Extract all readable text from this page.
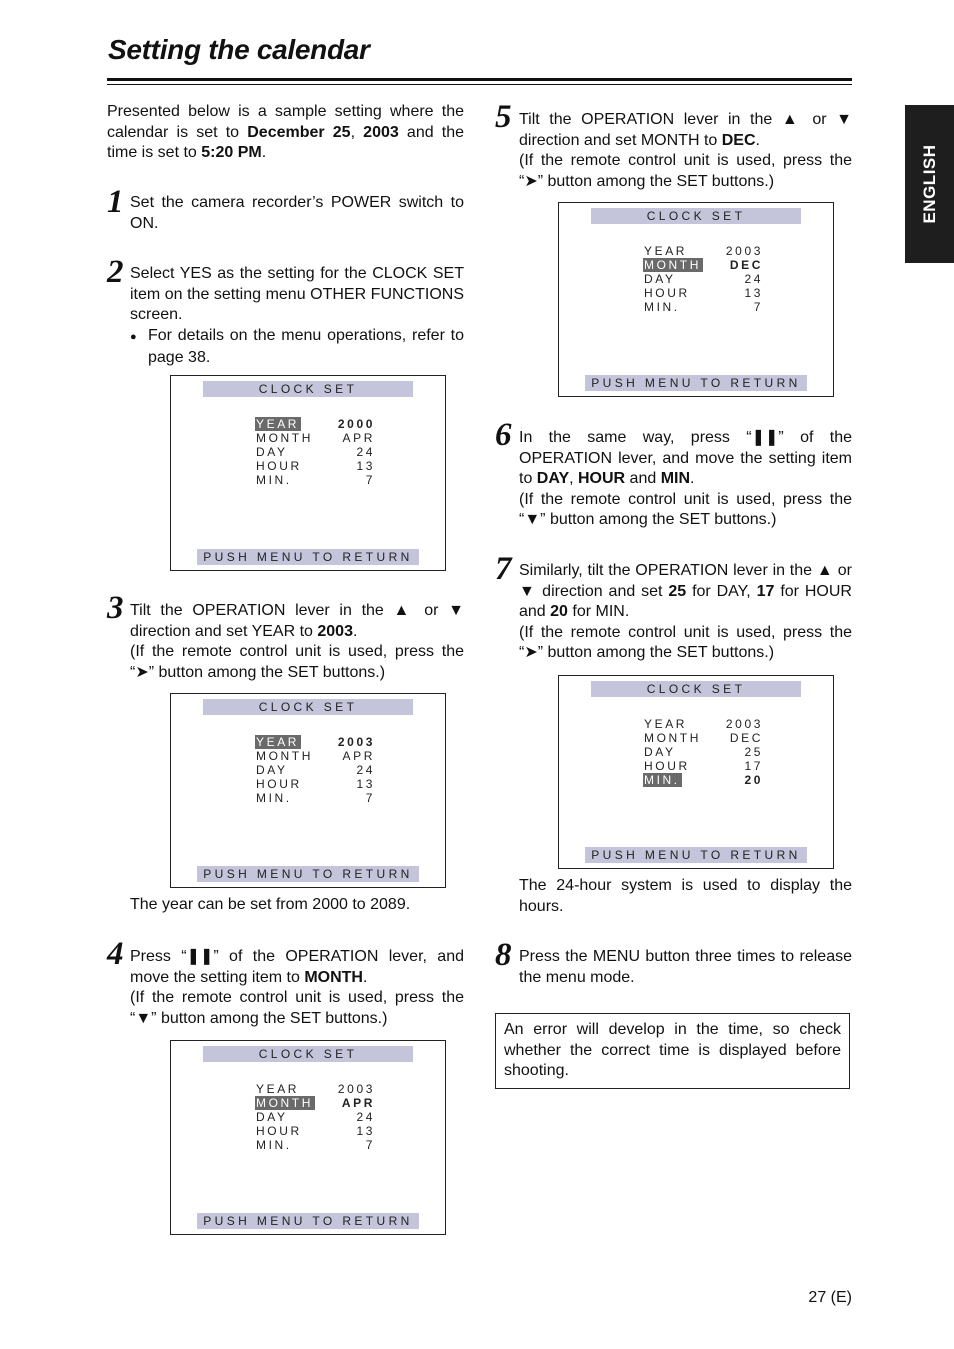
Setting the calendar
ENGLISH
Presented below is a sample setting where the calendar is set to December 25, 2003 and the time is set to 5:20 PM.
1 Set the camera recorder’s POWER switch to ON.
2 Select YES as the setting for the CLOCK SET item on the setting menu OTHER FUNCTIONS screen.
● For details on the menu operations, refer to page 38.
CLOCK SET
YEAR	2000
MONTH APR
DAY	24
HOUR	13
MIN.	7
PUSH MENU TO RETURN
3 Tilt the OPERATION lever in the ▲ or ▼ direction and set YEAR to 2003.
(If the remote control unit is used, press the “➤” button among the SET buttons.)
CLOCK SET
YEAR	2003
MONTH APR
DAY	24
HOUR	13
MIN.	7
PUSH MENU TO RETURN
The year can be set from 2000 to 2089.
4 Press “❚❚” of the OPERATION lever, and move the setting item to MONTH.
(If the remote control unit is used, press the “▼” button among the SET buttons.)
CLOCK SET
YEAR	2003
MONTH APR
DAY	24
HOUR	13
MIN.	7
PUSH MENU TO RETURN
5 Tilt the OPERATION lever in the ▲ or ▼ direction and set MONTH to DEC.
(If the remote control unit is used, press the “➤” button among the SET buttons.)
CLOCK SET
YEAR	2003
MONTH DEC
DAY	24
HOUR	13
MIN.	7
PUSH MENU TO RETURN
6 In the same way, press “❚❚” of the OPERATION lever, and move the setting item to DAY, HOUR and MIN.
(If the remote control unit is used, press the “▼” button among the SET buttons.)
7 Similarly, tilt the OPERATION lever in the ▲ or ▼ direction and set 25 for DAY, 17 for HOUR and 20 for MIN.
(If the remote control unit is used, press the “➤” button among the SET buttons.)
CLOCK SET
YEAR	2003
MONTH DEC
DAY	25
HOUR	17
MIN.	20
PUSH MENU TO RETURN
The 24-hour system is used to display the hours.
8 Press the MENU button three times to release the menu mode.
An error will develop in the time, so check whether the correct time is displayed before shooting.
27 (E)
